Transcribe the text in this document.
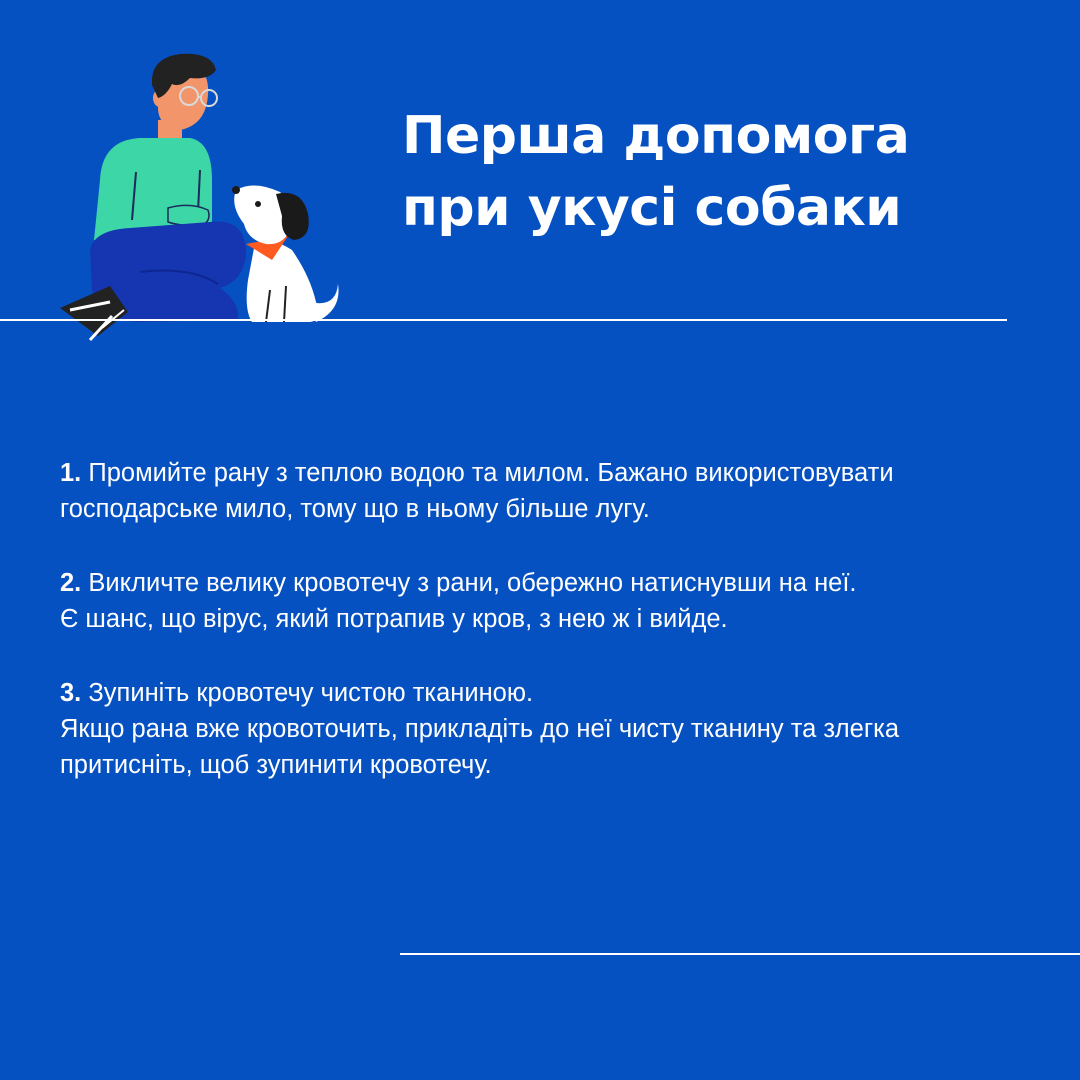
Перша допомога
при укусі собаки

1. Промийте рану з теплою водою та милом. Бажано використовувати
господарське мило, тому що в ньому більше лугу.

2. Викличте велику кровотечу з рани, обережно натиснувши на неї.
Є шанс, що вірус, який потрапив у кров, з нею ж і вийде.

3. Зупиніть кровотечу чистою тканиною.
Якщо рана вже кровоточить, прикладіть до неї чисту тканину та злегка
притисніть, щоб зупинити кровотечу.
